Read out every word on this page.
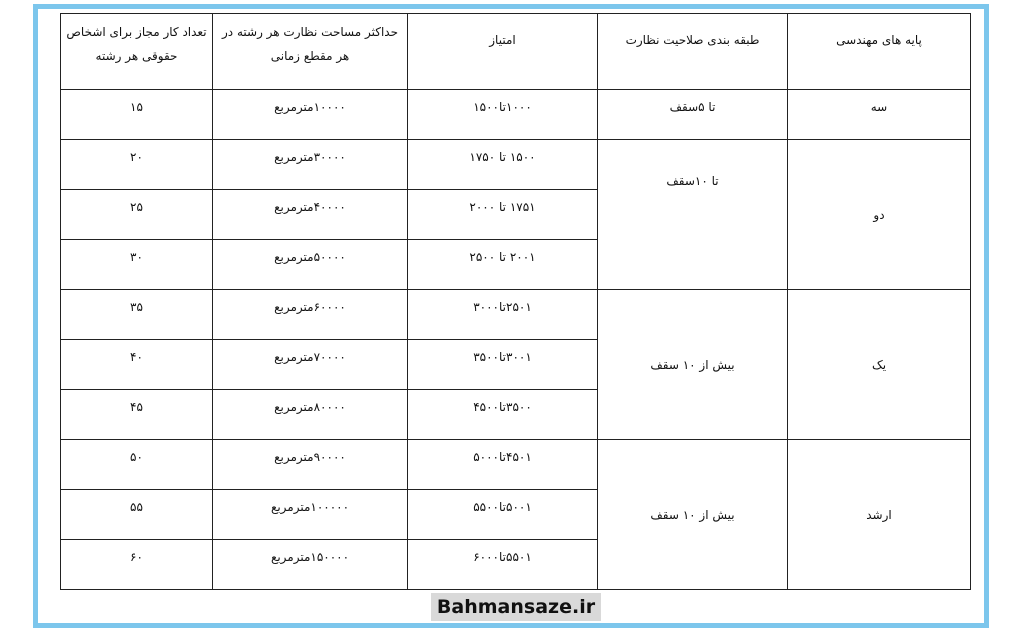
پایه های مهندسی	طبقه بندی صلاحیت نظارت	امتیاز	حداکثر مساحت نظارت هر رشته در هر مقطع زمانی	تعداد کار مجاز برای اشخاص حقوقی هر رشته
سه	تا ۵سقف	۱۰۰۰تا۱۵۰۰	۱۰۰۰۰مترمربع	۱۵
دو	تا ۱۰سقف	۱۵۰۰ تا ۱۷۵۰	۳۰۰۰۰مترمربع	۲۰
		۱۷۵۱ تا ۲۰۰۰	۴۰۰۰۰مترمربع	۲۵
		۲۰۰۱ تا ۲۵۰۰	۵۰۰۰۰مترمربع	۳۰
یک	بیش از ۱۰ سقف	۲۵۰۱تا۳۰۰۰	۶۰۰۰۰مترمربع	۳۵
		۳۰۰۱تا۳۵۰۰	۷۰۰۰۰مترمربع	۴۰
		۳۵۰۰تا۴۵۰۰	۸۰۰۰۰مترمربع	۴۵
ارشد	بیش از ۱۰ سقف	۴۵۰۱تا۵۰۰۰	۹۰۰۰۰مترمربع	۵۰
		۵۰۰۱تا۵۵۰۰	۱۰۰۰۰۰مترمربع	۵۵
		۵۵۰۱تا۶۰۰۰	۱۵۰۰۰۰مترمربع	۶۰
Bahmansaze.ir
